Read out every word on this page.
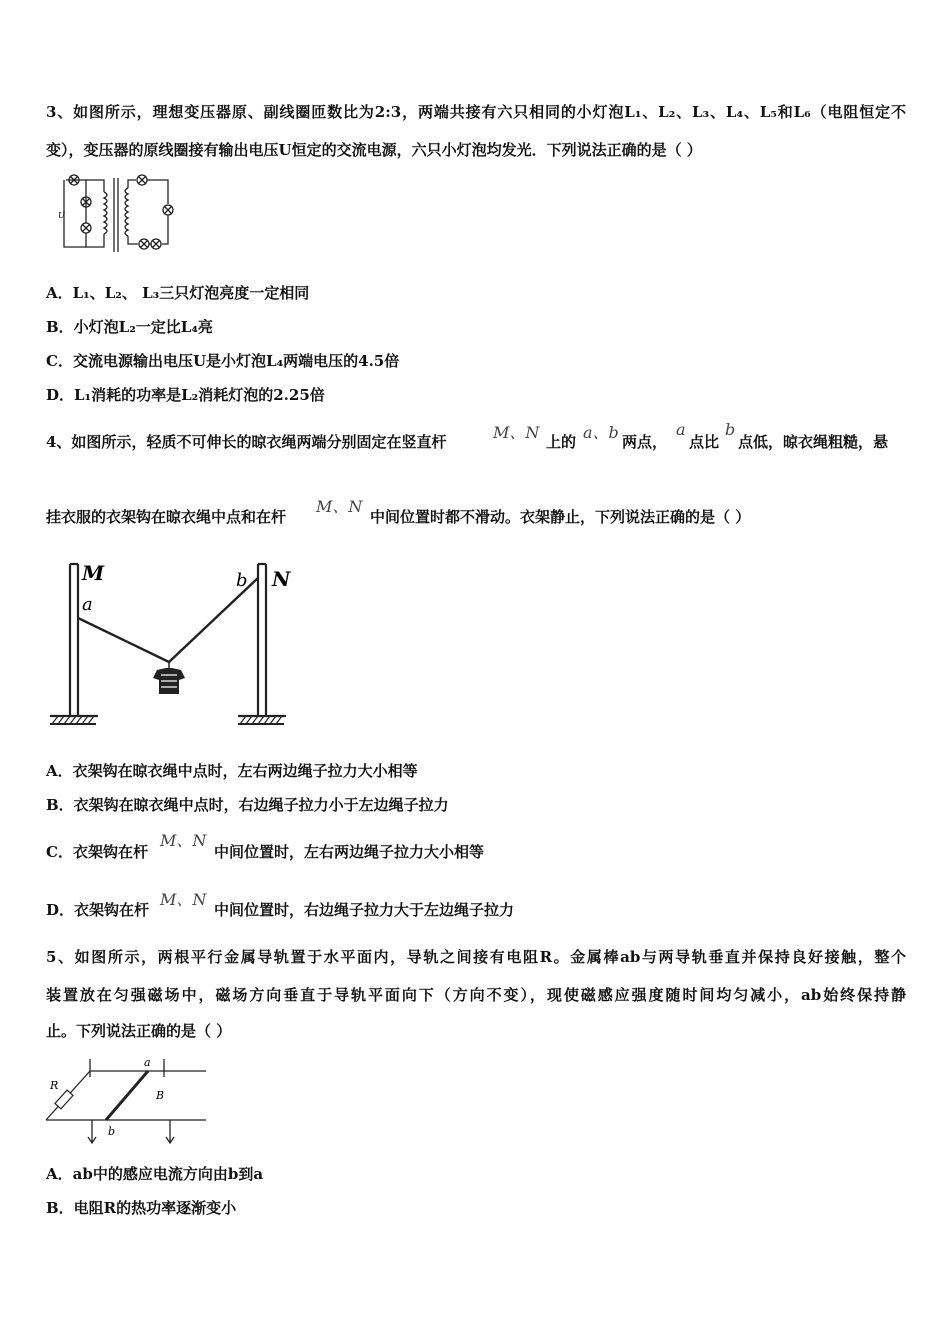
3、如图所示，理想变压器原、副线圈匝数比为2:3，两端共接有六只相同的小灯泡L₁、L₂、L₃、L₄、L₅和L₆（电阻恒定不
变），变压器的原线圈接有输出电压U恒定的交流电源，六只小灯泡均发光．下列说法正确的是（ ）
U
A．L₁、L₂、 L₃三只灯泡亮度一定相同
B．小灯泡L₂一定比L₄亮
C．交流电源输出电压U是小灯泡L₄两端电压的4.5倍
D．L₁消耗的功率是L₂消耗灯泡的2.25倍
4、如图所示，轻质不可伸长的晾衣绳两端分别固定在竖直杆	M、N 上的 a、b 两点，
a
点比
b
点低，晾衣绳粗糙，悬
挂衣服的衣架钩在晾衣绳中点和在杆
M、N
中间位置时都不滑动。衣架静止，下列说法正确的是（ ）
M
a
b N
A．衣架钩在晾衣绳中点时，左右两边绳子拉力大小相等
B．衣架钩在晾衣绳中点时，右边绳子拉力小于左边绳子拉力
C．衣架钩在杆
M、N
中间位置时，左右两边绳子拉力大小相等
D．衣架钩在杆
M、N
中间位置时，右边绳子拉力大于左边绳子拉力
5、如图所示，两根平行金属导轨置于水平面内，导轨之间接有电阻R。金属棒ab与两导轨垂直并保持良好接触，整个
装置放在匀强磁场中，磁场方向垂直于导轨平面向下（方向不变），现使磁感应强度随时间均匀减小，ab始终保持静
止。下列说法正确的是（ ）
R
a
b
B
A．ab中的感应电流方向由b到a
B．电阻R的热功率逐渐变小
